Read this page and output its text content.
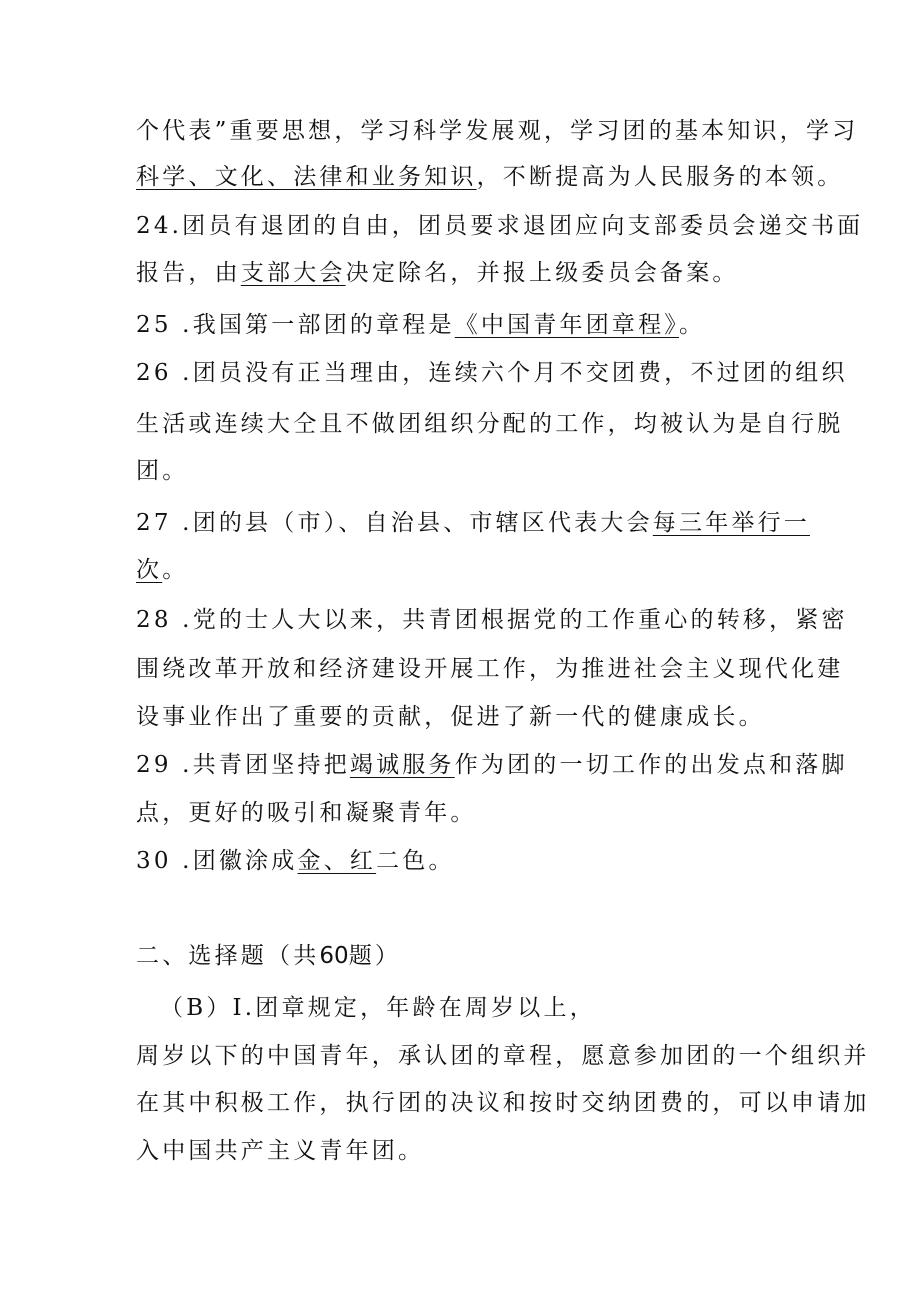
个代表”重要思想，学习科学发展观，学习团的基本知识，学习
科学、文化、法律和业务知识，不断提高为人民服务的本领。
24.团员有退团的自由，团员要求退团应向支部委员会递交书面
报告，由支部大会决定除名，并报上级委员会备案。
25 .我国第一部团的章程是《中国青年团章程》。
26 .团员没有正当理由，连续六个月不交团费，不过团的组织
生活或连续大仝且不做团组织分配的工作，均被认为是自行脱
团。
27 .团的县（市）、自治县、市辖区代表大会每三年举行一
次。
28 .党的士人大以来，共青团根据党的工作重心的转移，紧密
围绕改革开放和经济建设开展工作，为推进社会主义现代化建
设事业作出了重要的贡献，促进了新一代的健康成长。
29 .共青团坚持把竭诚服务作为团的一切工作的出发点和落脚
点，更好的吸引和凝聚青年。
30 .团徽涂成金、红二色。
二、选择题（共60题）
（B）I.团章规定，年龄在周岁以上，
周岁以下的中国青年，承认团的章程，愿意参加团的一个组织并
在其中积极工作，执行团的决议和按时交纳团费的，可以申请加
入中国共产主义青年团。
